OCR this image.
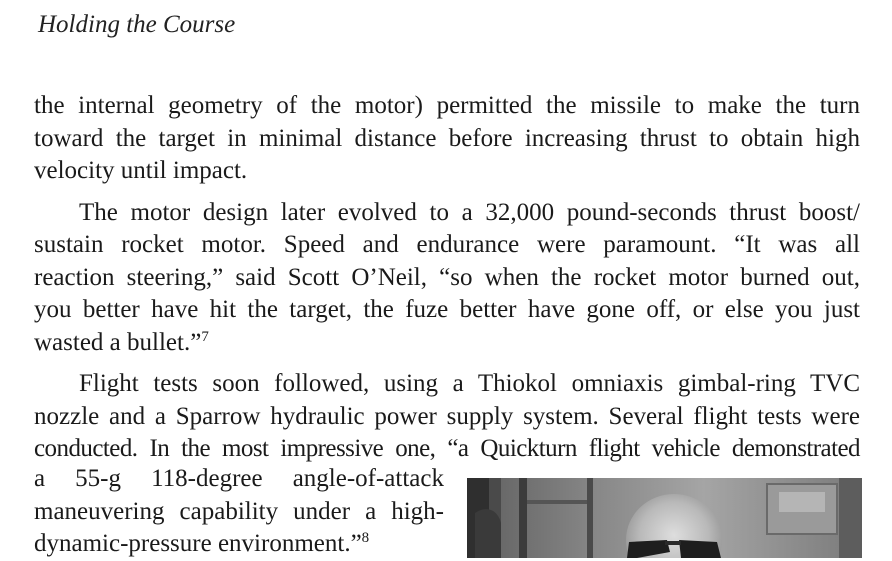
Holding the Course

the internal geometry of the motor) permitted the missile to make the turn
toward the target in minimal distance before increasing thrust to obtain high
velocity until impact.

The motor design later evolved to a 32,000 pound-seconds thrust boost/
sustain rocket motor. Speed and endurance were paramount. “It was all
reaction steering,” said Scott O’Neil, “so when the rocket motor burned out,
you better have hit the target, the fuze better have gone off, or else you just
wasted a bullet.”$^7$

Flight tests soon followed, using a Thiokol omniaxis gimbal-ring TVC
nozzle and a Sparrow hydraulic power supply system. Several flight tests were
conducted. In the most impressive one, “a Quickturn flight vehicle demonstrated

a 55-g 118-degree angle-of-attack
maneuvering capability under a high-
dynamic-pressure environment.”$^8$
